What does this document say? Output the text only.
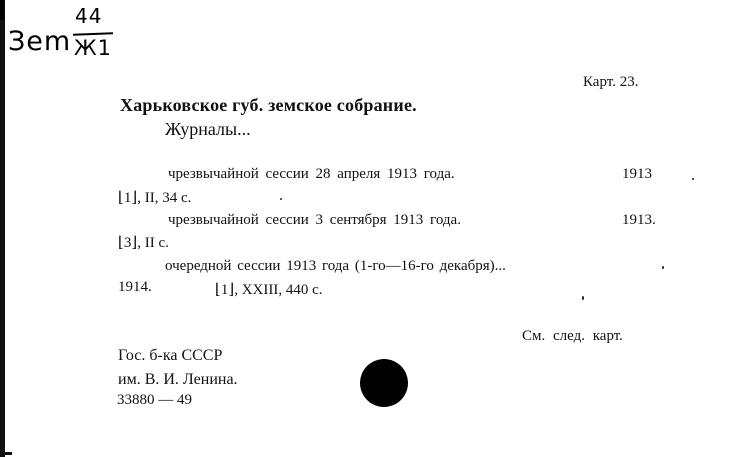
Зem
44
Ж1
Карт. 23.
Харьковское губ. земское собрание.
Журналы...
чрезвычайной сессии 28 апреля 1913 года.	1913
⌊1⌋, II, 34 с.
чрезвычайной сессии 3 сентября 1913 года.	1913.
⌊3⌋, II с.
очередной сессии 1913 года (1-го—16-го декабря)...
1914.	⌊1⌋, XXIII, 440 с.
См. след. карт.
Гос. б-ка СССР
им. В. И. Ленина.
33880 — 49
